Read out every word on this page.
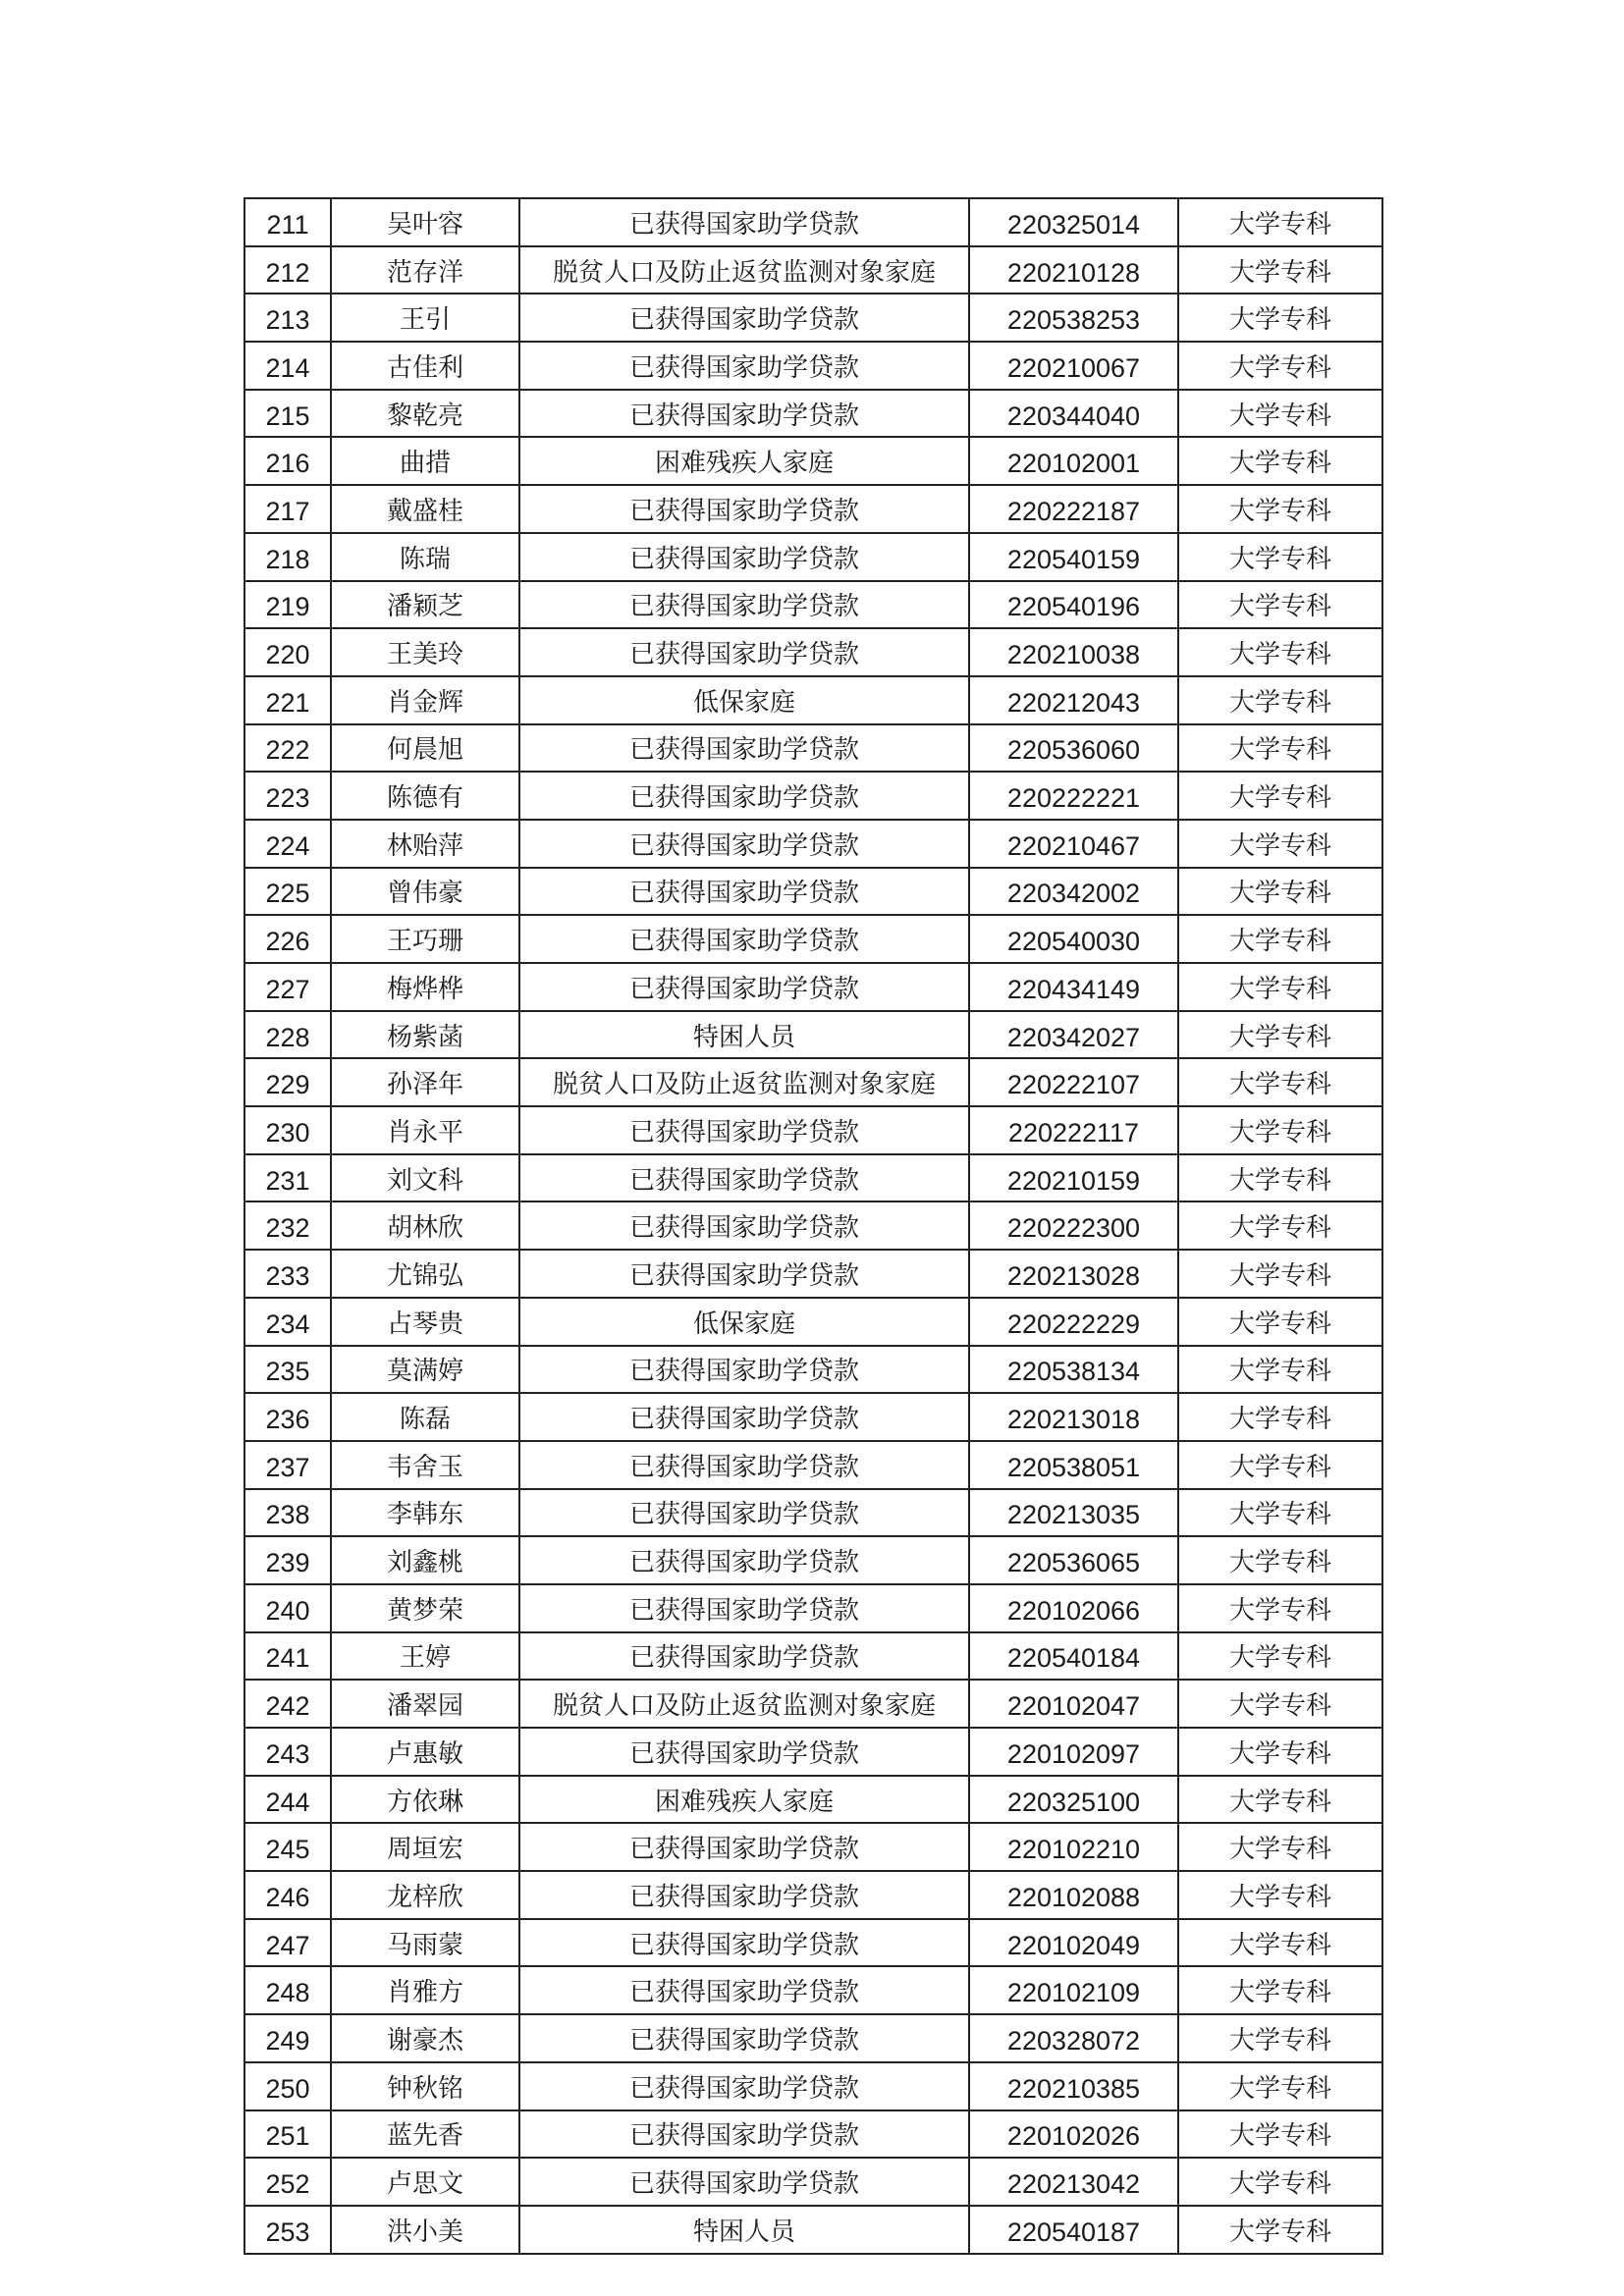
211	吴叶容	已获得国家助学贷款	220325014	大学专科
212	范存洋	脱贫人口及防止返贫监测对象家庭	220210128	大学专科
213	王引	已获得国家助学贷款	220538253	大学专科
214	古佳利	已获得国家助学贷款	220210067	大学专科
215	黎乾亮	已获得国家助学贷款	220344040	大学专科
216	曲措	困难残疾人家庭	220102001	大学专科
217	戴盛桂	已获得国家助学贷款	220222187	大学专科
218	陈瑞	已获得国家助学贷款	220540159	大学专科
219	潘颖芝	已获得国家助学贷款	220540196	大学专科
220	王美玲	已获得国家助学贷款	220210038	大学专科
221	肖金辉	低保家庭	220212043	大学专科
222	何晨旭	已获得国家助学贷款	220536060	大学专科
223	陈德有	已获得国家助学贷款	220222221	大学专科
224	林贻萍	已获得国家助学贷款	220210467	大学专科
225	曾伟豪	已获得国家助学贷款	220342002	大学专科
226	王巧珊	已获得国家助学贷款	220540030	大学专科
227	梅烨桦	已获得国家助学贷款	220434149	大学专科
228	杨紫菡	特困人员	220342027	大学专科
229	孙泽年	脱贫人口及防止返贫监测对象家庭	220222107	大学专科
230	肖永平	已获得国家助学贷款	220222117	大学专科
231	刘文科	已获得国家助学贷款	220210159	大学专科
232	胡林欣	已获得国家助学贷款	220222300	大学专科
233	尤锦弘	已获得国家助学贷款	220213028	大学专科
234	占琴贵	低保家庭	220222229	大学专科
235	莫满婷	已获得国家助学贷款	220538134	大学专科
236	陈磊	已获得国家助学贷款	220213018	大学专科
237	韦舍玉	已获得国家助学贷款	220538051	大学专科
238	李韩东	已获得国家助学贷款	220213035	大学专科
239	刘鑫桃	已获得国家助学贷款	220536065	大学专科
240	黄梦荣	已获得国家助学贷款	220102066	大学专科
241	王婷	已获得国家助学贷款	220540184	大学专科
242	潘翠园	脱贫人口及防止返贫监测对象家庭	220102047	大学专科
243	卢惠敏	已获得国家助学贷款	220102097	大学专科
244	方依琳	困难残疾人家庭	220325100	大学专科
245	周垣宏	已获得国家助学贷款	220102210	大学专科
246	龙梓欣	已获得国家助学贷款	220102088	大学专科
247	马雨蒙	已获得国家助学贷款	220102049	大学专科
248	肖雅方	已获得国家助学贷款	220102109	大学专科
249	谢豪杰	已获得国家助学贷款	220328072	大学专科
250	钟秋铭	已获得国家助学贷款	220210385	大学专科
251	蓝先香	已获得国家助学贷款	220102026	大学专科
252	卢思文	已获得国家助学贷款	220213042	大学专科
253	洪小美	特困人员	220540187	大学专科
